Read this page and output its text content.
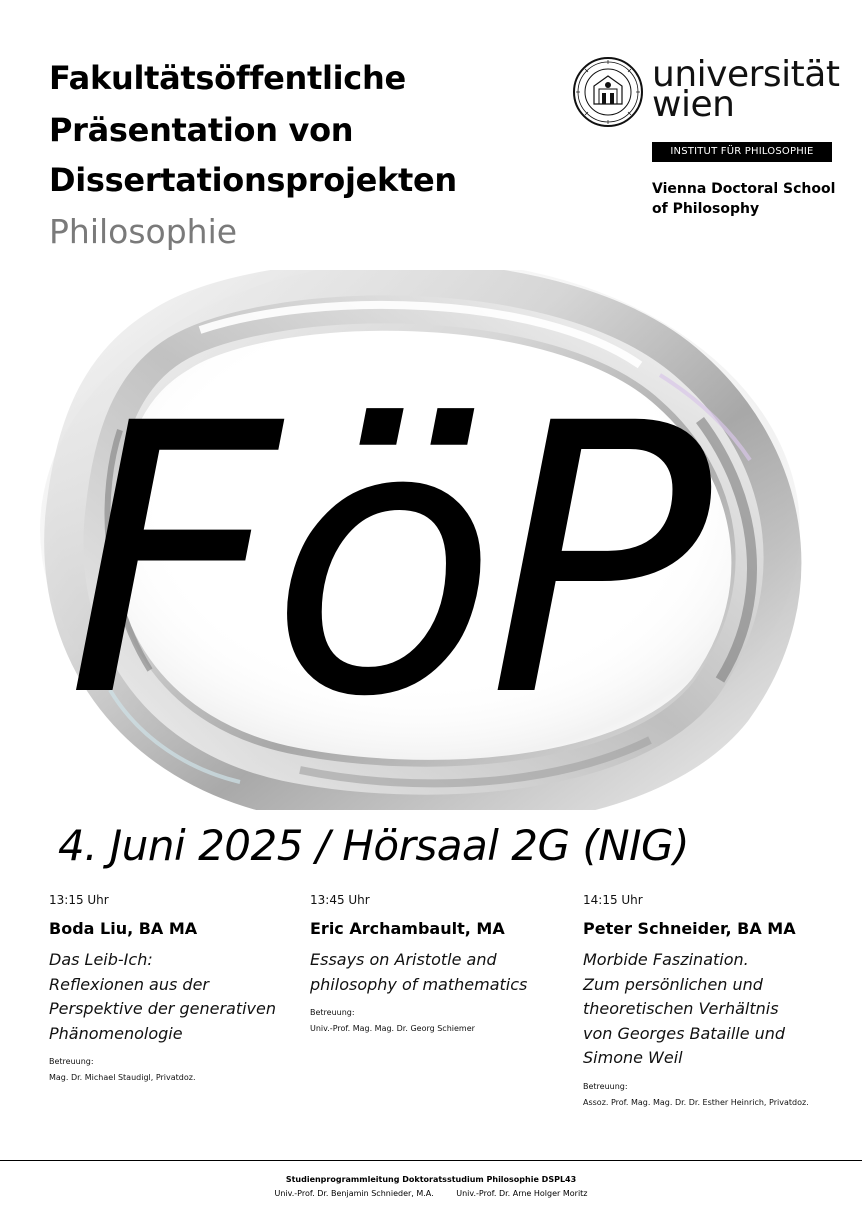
Fakultätsöffentliche
Präsentation von
Dissertationsprojekten
Philosophie
universität
wien
INSTITUT FÜR PHILOSOPHIE
Vienna Doctoral School
of Philosophy
FöP
4. Juni 2025 / Hörsaal 2G (NIG)
13:15 Uhr
Boda Liu, BA MA
Das Leib-Ich:
Reflexionen aus der
Perspektive der generativen
Phänomenologie
Betreuung:
Mag. Dr. Michael Staudigl, Privatdoz.
13:45 Uhr
Eric Archambault, MA
Essays on Aristotle and
philosophy of mathematics
Betreuung:
Univ.-Prof. Mag. Mag. Dr. Georg Schiemer
14:15 Uhr
Peter Schneider, BA MA
Morbide Faszination.
Zum persönlichen und
theoretischen Verhältnis
von Georges Bataille und
Simone Weil
Betreuung:
Assoz. Prof. Mag. Mag. Dr. Dr. Esther Heinrich, Privatdoz.
Studienprogrammleitung Doktoratsstudium Philosophie DSPL43
Univ.-Prof. Dr. Benjamin Schnieder, M.A.	Univ.-Prof. Dr. Arne Holger Moritz
